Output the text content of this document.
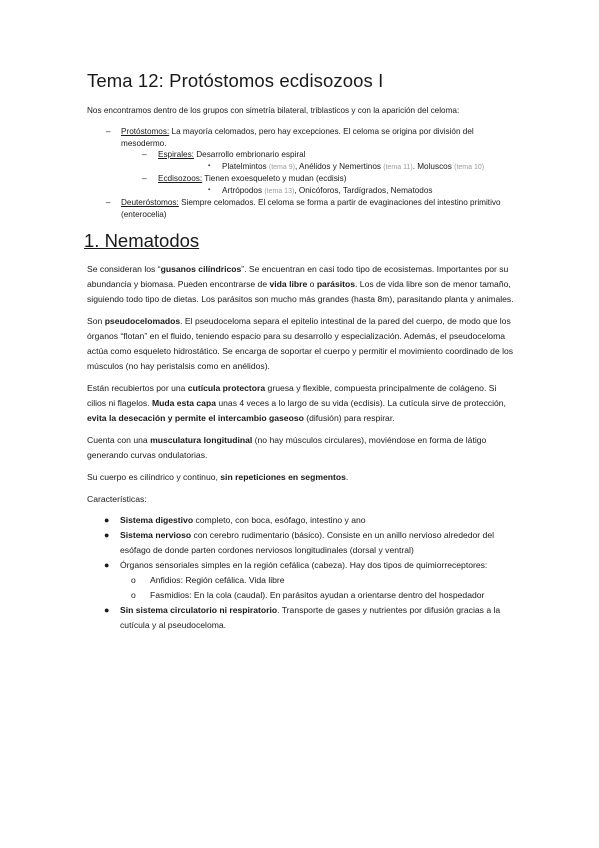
Tema 12: Protóstomos ecdisozoos I

Nos encontramos dentro de los grupos con simetría bilateral, triblasticos y con la aparición del celoma:

– Protóstomos: La mayoría celomados, pero hay excepciones. El celoma se origina por división del mesodermo.
– Espirales: Desarrollo embrionario espiral
▪ Platelmintos (tema 9), Anélidos y Nemertinos (tema 11). Moluscos (tema 10)
– Ecdisozoos: Tienen exoesqueleto y mudan (ecdisis)
▪ Artrópodos (tema 13), Onicóforos, Tardígrados, Nematodos
– Deuteróstomos: Siempre celomados. El celoma se forma a partir de evaginaciones del intestino primitivo (enterocelia)
1. Nematodos

Se consideran los “gusanos cilíndricos”. Se encuentran en casi todo tipo de ecosistemas. Importantes por su abundancia y biomasa. Pueden encontrarse de vida libre o parásitos. Los de vida libre son de menor tamaño, siguiendo todo tipo de dietas. Los parásitos son mucho más grandes (hasta 8m), parasitando planta y animales.

Son pseudocelomados. El pseudoceloma separa el epitelio intestinal de la pared del cuerpo, de modo que los órganos “flotan” en el fluido, teniendo espacio para su desarrollo y especialización. Además, el pseudoceloma actúa como esqueleto hidrostático. Se encarga de soportar el cuerpo y permitir el movimiento coordinado de los músculos (no hay peristalsis como en anélidos).

Están recubiertos por una cutícula protectora gruesa y flexible, compuesta principalmente de colágeno. Si cilios ni flagelos. Muda esta capa unas 4 veces a lo largo de su vida (ecdisis). La cutícula sirve de protección, evita la desecación y permite el intercambio gaseoso (difusión) para respirar.

Cuenta con una musculatura longitudinal (no hay músculos circulares), moviéndose en forma de látigo generando curvas ondulatorias.

Su cuerpo es cilíndrico y continuo, sin repeticiones en segmentos.

Características:

● Sistema digestivo completo, con boca, esófago, intestino y ano
● Sistema nervioso con cerebro rudimentario (básico). Consiste en un anillo nervioso alrededor del esófago de donde parten cordones nerviosos longitudinales (dorsal y ventral)
● Órganos sensoriales simples en la región cefálica (cabeza). Hay dos tipos de quimiorreceptores:
o Anfidios: Región cefálica. Vida libre
o Fasmidios: En la cola (caudal). En parásitos ayudan a orientarse dentro del hospedador
● Sin sistema circulatorio ni respiratorio. Transporte de gases y nutrientes por difusión gracias a la cutícula y al pseudoceloma.
